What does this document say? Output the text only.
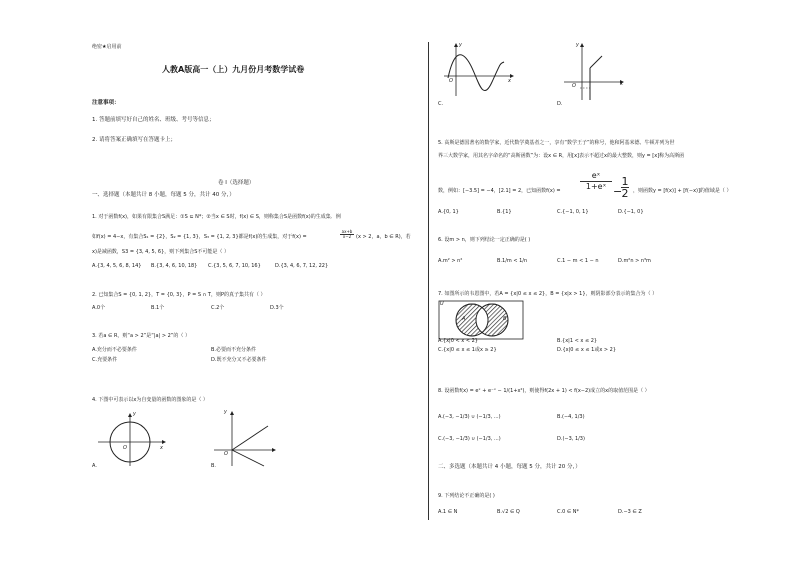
绝密★启用前
人教A版高一（上）九月份月考数学试卷
注意事项：
1. 答题前填写好自己的姓名、班级、考号等信息；
2. 请将答案正确填写在答题卡上；
卷 I（选择题）
一、选择题（本题共计 8 小题，每题 5 分，共计 40 分，）
1. 对于函数f(x)，如果有限集合S满足：①S ⊆ N*；②当x ∈ S时，f(x) ∈ S，则称集合S是函数f(x)的生成集．例
如f(x) = 4−x，有集合S₁ = {2}，S₂ = {1, 3}，S₃ = {1, 2, 3}都是f(x)的生成集，对于f(x) =	$\frac{ax+b}{x-2} (x > 2$，a，b ∈ R)，若
x)是减函数，S3 = {3, 4, 5, 6}，则下列集合S不可能是（ ）
A.{3, 4, 5, 6, 8, 14} B.{3, 4, 6, 10, 18} C.{3, 5, 6, 7, 10, 16}	D.{3, 4, 6, 7, 12, 22}
2. 已知集合S = {0, 1, 2}，T = {0, 3}，P = S ∩ T，则P的真子集共有（ ）
A.0个	B.1个	C.2个	D.3个
3. 若a ∈ R，则“a > 2”是“|a| > 2”的（ ）
A.充分而不必要条件	B.必要而不充分条件
C.充要条件	D.既不充分又不必要条件
4. 下图中可表示以x为自变量的函数的图象的是（ ）
y
x
O
A.
y
O
B.
y
x
O
C.
y
x
O
D.
5. 高斯是德国著名的数学家，近代数学奠基者之一，享有“数学王子”的称号，他和阿基米德、牛顿并列为世
界三大数学家，用其名字命名的“高斯函数”为：设x ∈ R，用[x]表示不超过x的最大整数，则y = [x]称为高斯函
数，例如：[−3.5] = −4，[2.1] = 2，已知函数$f(x) = \frac{\text{eˣ}}{\text{1+eˣ}}$
−
$\frac{1}{2}$ ，则函数y = [f(x)] + [f(−x)]的值域是（ ）
A.{0, 1}	B.{1}	C.{−1, 0, 1}	D.{−1, 0}
6. 设m > n，则下列结论一定正确的是( )
A.m² > n²	B.1/m < 1/n	C.1 − m < 1 − n	D.m²n > n³m
7. 如图所示的韦恩图中，若A = {x|0 ≤ x ≤ 2}，B = {x|x > 1}，则阴影部分表示的集合为（ ）
U
A	B
A.{x|0 < x < 2}	B.{x|1 < x ≤ 2}
C.{x|0 ≤ x ≤ 1或x ≥ 2}	D.{x|0 ≤ x ≤ 1或x > 2}
8. 设函数f(x) = eˣ + e⁻ˣ − 1/(1+x²)，则使得f(2x + 1) < f(x−2)成立的x的取值范围是（ ）
A.(−3, −1/3) ∪ (−1/3, ...)	B.(−4, 1/3)
C.(−3, −1/3) ∪ (−1/3, ...)	D.(−3, 1/3)
二、多选题（本题共计 4 小题，每题 5 分，共计 20 分，）
9. 下列结论不正确的是( )
A.1 ∈ N	B.√2 ∈ Q	C.0 ∈ N*	D.−3 ∈ Z
